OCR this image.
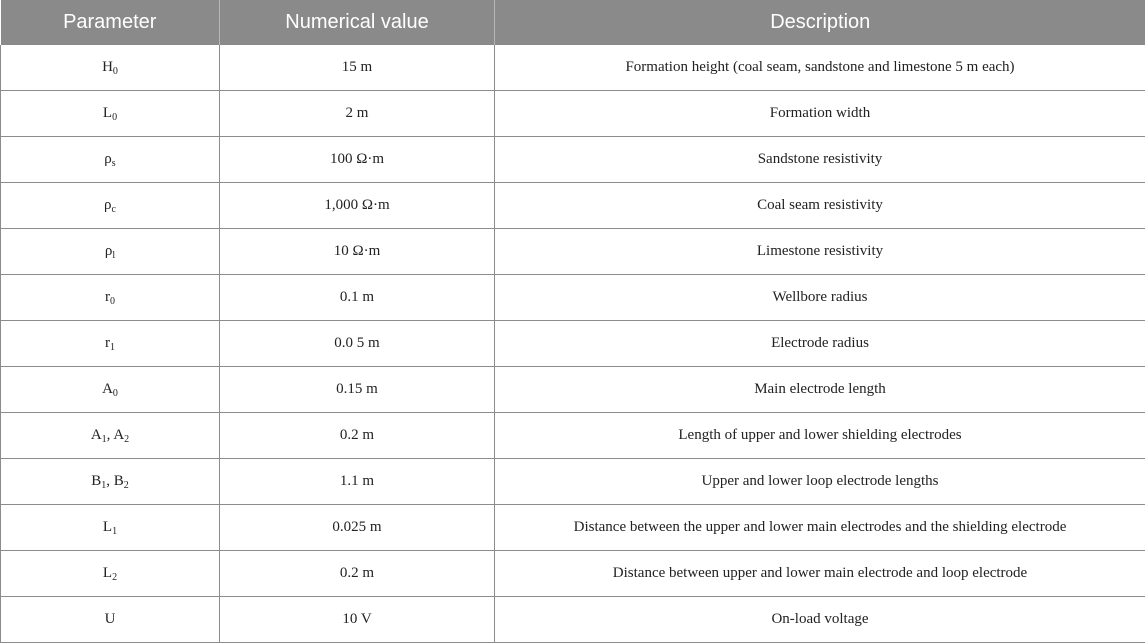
Parameter	Numerical value	Description
$H_0$	15 m	Formation height (coal seam, sandstone and limestone 5 m each)
$L_0$	2 m	Formation width
$\rho_s$	100 Ω·m	Sandstone resistivity
$\rho_c$	1,000 Ω·m	Coal seam resistivity
$\rho_l$	10 Ω·m	Limestone resistivity
$r_0$	0.1 m	Wellbore radius
$r_1$	0.0 5 m	Electrode radius
$A_0$	0.15 m	Main electrode length
$A_1$, $A_2$	0.2 m	Length of upper and lower shielding electrodes
$B_1$, $B_2$	1.1 m	Upper and lower loop electrode lengths
$L_1$	0.025 m	Distance between the upper and lower main electrodes and the shielding electrode
$L_2$	0.2 m	Distance between upper and lower main electrode and loop electrode
U	10 V	On-load voltage
